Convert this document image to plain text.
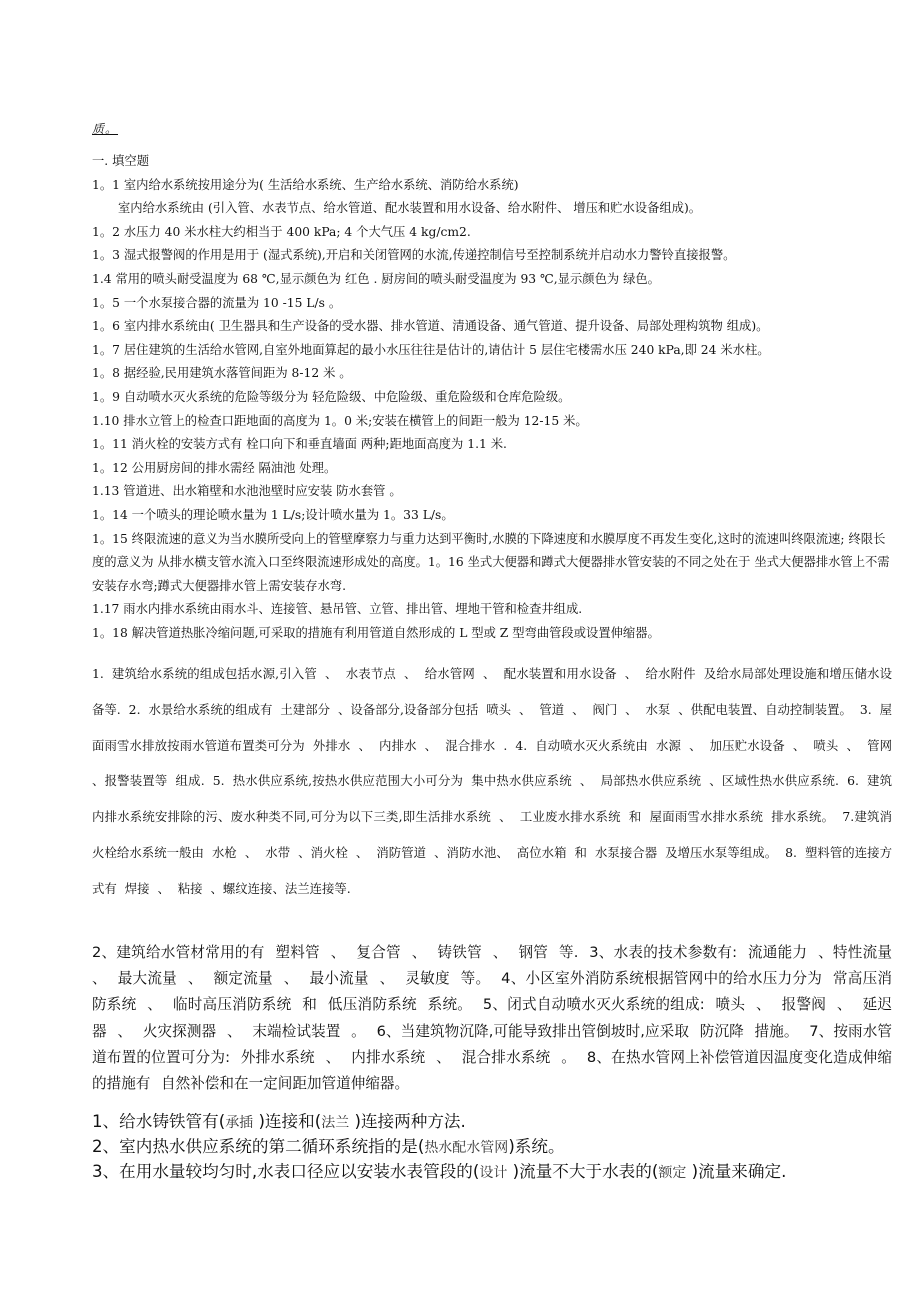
质。

一. 填空题

1。1 室内给水系统按用途分为( 生活给水系统、生产给水系统、消防给水系统)

室内给水系统由 (引入管、水表节点、给水管道、配水装置和用水设备、给水附件、 增压和贮水设备组成)。

1。2 水压力 40 米水柱大约相当于 400 kPa; 4 个大气压 4 kg/cm2.

1。3 湿式报警阀的作用是用于 (湿式系统),开启和关闭管网的水流,传递控制信号至控制系统并启动水力警铃直接报警。

1.4 常用的喷头耐受温度为 68 ℃,显示颜色为 红色 . 厨房间的喷头耐受温度为 93 ℃,显示颜色为 绿色。

1。5 一个水泵接合器的流量为 10 -15 L/s 。

1。6 室内排水系统由( 卫生器具和生产设备的受水器、排水管道、清通设备、通气管道、提升设备、局部处理构筑物 组成)。

1。7 居住建筑的生活给水管网,自室外地面算起的最小水压往往是估计的,请估计 5 层住宅楼需水压 240 kPa,即 24 米水柱。

1。8 据经验,民用建筑水落管间距为 8-12 米 。

1。9 自动喷水灭火系统的危险等级分为 轻危险级、中危险级、重危险级和仓库危险级。

1.10 排水立管上的检查口距地面的高度为 1。0 米;安装在横管上的间距一般为 12-15 米。

1。11 消火栓的安装方式有 栓口向下和垂直墙面 两种;距地面高度为 1.1 米.

1。12 公用厨房间的排水需经 隔油池 处理。

1.13 管道进、出水箱壁和水池池壁时应安装 防水套管 。

1。14 一个喷头的理论喷水量为 1 L/s;设计喷水量为 1。33 L/s。

1。15 终限流速的意义为当水膜所受向上的管壁摩察力与重力达到平衡时,水膜的下降速度和水膜厚度不再发生变化,这时的流速叫终限流速; 终限长度的意义为 从排水横支管水流入口至终限流速形成处的高度。1。16 坐式大便器和蹲式大便器排水管安装的不同之处在于 坐式大便器排水管上不需安装存水弯;蹲式大便器排水管上需安装存水弯.

1.17 雨水内排水系统由雨水斗、连接管、悬吊管、立管、排出管、埋地干管和检查井组成.

1。18 解决管道热胀冷缩问题,可采取的措施有利用管道自然形成的 L 型或 Z 型弯曲管段或设置伸缩器。

1. 建筑给水系统的组成包括水源,引入管 、 水表节点 、 给水管网 、 配水装置和用水设备 、 给水附件 及给水局部处理设施和增压储水设备等. 2. 水景给水系统的组成有 土建部分 、设备部分,设备部分包括 喷头 、 管道 、 阀门 、 水泵 、供配电装置、自动控制装置。 3. 屋面雨雪水排放按雨水管道布置类可分为 外排水 、 内排水 、 混合排水 . 4. 自动喷水灭火系统由 水源 、 加压贮水设备 、 喷头 、 管网 、报警装置等 组成. 5. 热水供应系统,按热水供应范围大小可分为 集中热水供应系统 、 局部热水供应系统 、区域性热水供应系统. 6. 建筑内排水系统安排除的污、废水种类不同,可分为以下三类,即生活排水系统 、 工业废水排水系统 和 屋面雨雪水排水系统 排水系统。 7.建筑消 火栓给水系统一般由 水枪 、 水带 、消火栓 、 消防管道 、消防水池、 高位水箱 和 水泵接合器 及增压水泵等组成。 8. 塑料管的连接方式有 焊接 、 粘接 、螺纹连接、法兰连接等.
2、建筑给水管材常用的有 塑料管 、 复合管 、 铸铁管 、 钢管 等. 3、水表的技术参数有: 流通能力 、特性流量 、 最大流量 、 额定流量 、 最小流量 、 灵敏度 等。 4、小区室外消防系统根据管网中的给水压力分为 常高压消防系统 、 临时高压消防系统 和 低压消防系统 系统。 5、闭式自动喷水灭火系统的组成: 喷头 、 报警阀 、 延迟器 、 火灾探测器 、 末端检试装置 。 6、当建筑物沉降,可能导致排出管倒坡时,应采取 防沉降 措施。 7、按雨水管道布置的位置可分为: 外排水系统 、 内排水系统 、 混合排水系统 。 8、在热水管网上补偿管道因温度变化造成伸缩的措施有 自然补偿和在一定间距加管道伸缩器。

1、给水铸铁管有(承插 )连接和(法兰 )连接两种方法.

2、室内热水供应系统的第二循环系统指的是(热水配水管网)系统。

3、在用水量较均匀时,水表口径应以安装水表管段的(设计 )流量不大于水表的(额定 )流量来确定.
